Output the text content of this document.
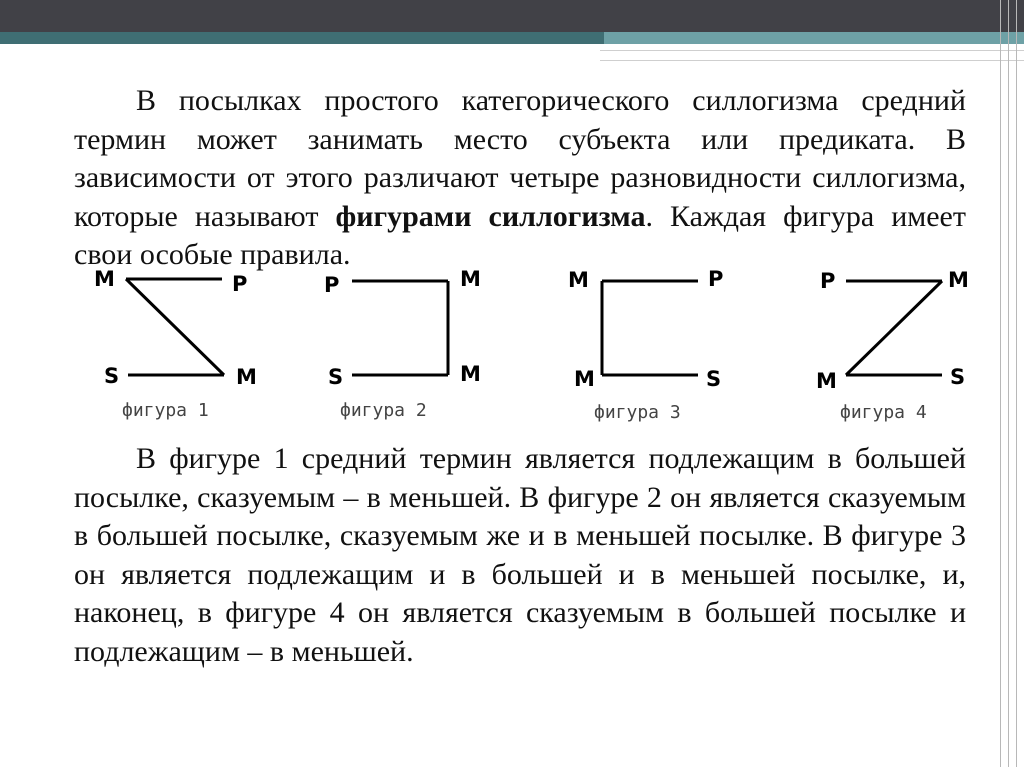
В посылках простого категорического силлогизма средний термин может занимать место субъекта или предиката. В зависимости от этого различают четыре разновидности силлогизма, которые называют фигурами силлогизма. Каждая фигура имеет свои особые правила.

M	P
S	M
фигура 1
P	M
S	M
фигура 2
M	P
M	S
фигура 3
P	M
M	S
фигура 4

В фигуре 1 средний термин является подлежащим в большей посылке, сказуемым – в меньшей. В фигуре 2 он является сказуемым в большей посылке, сказуемым же и в меньшей посылке. В фигуре 3 он является подлежащим и в большей и в меньшей посылке, и, наконец, в фигуре 4 он является сказуемым в большей посылке и подлежащим – в меньшей.
